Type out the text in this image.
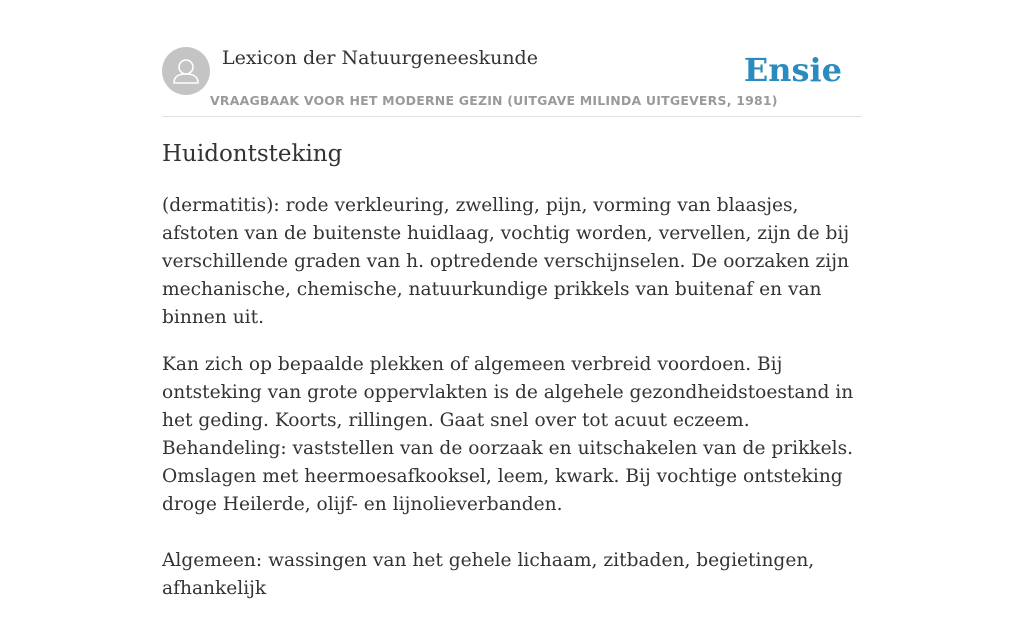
Lexicon der Natuurgeneeskunde
VRAAGBAAK VOOR HET MODERNE GEZIN (UITGAVE MILINDA UITGEVERS, 1981)
Ensie
Huidontsteking

(dermatitis): rode verkleuring, zwelling, pijn, vorming van blaasjes, afstoten van de buitenste huidlaag, vochtig worden, vervellen, zijn de bij verschillende graden van h. optredende verschijnselen. De oorzaken zijn mechanische, chemische, natuurkundige prikkels van buitenaf en van binnen uit.

Kan zich op bepaalde plekken of algemeen verbreid voordoen. Bij ontsteking van grote oppervlakten is de algehele gezondheidstoestand in het geding. Koorts, rillingen. Gaat snel over tot acuut eczeem. Behandeling: vaststellen van de oorzaak en uitschakelen van de prikkels. Omslagen met heermoesafkooksel, leem, kwark. Bij vochtige ontsteking droge Heilerde, olijf- en lijnolieverbanden.

Algemeen: wassingen van het gehele lichaam, zitbaden, begietingen, afhankelijk
